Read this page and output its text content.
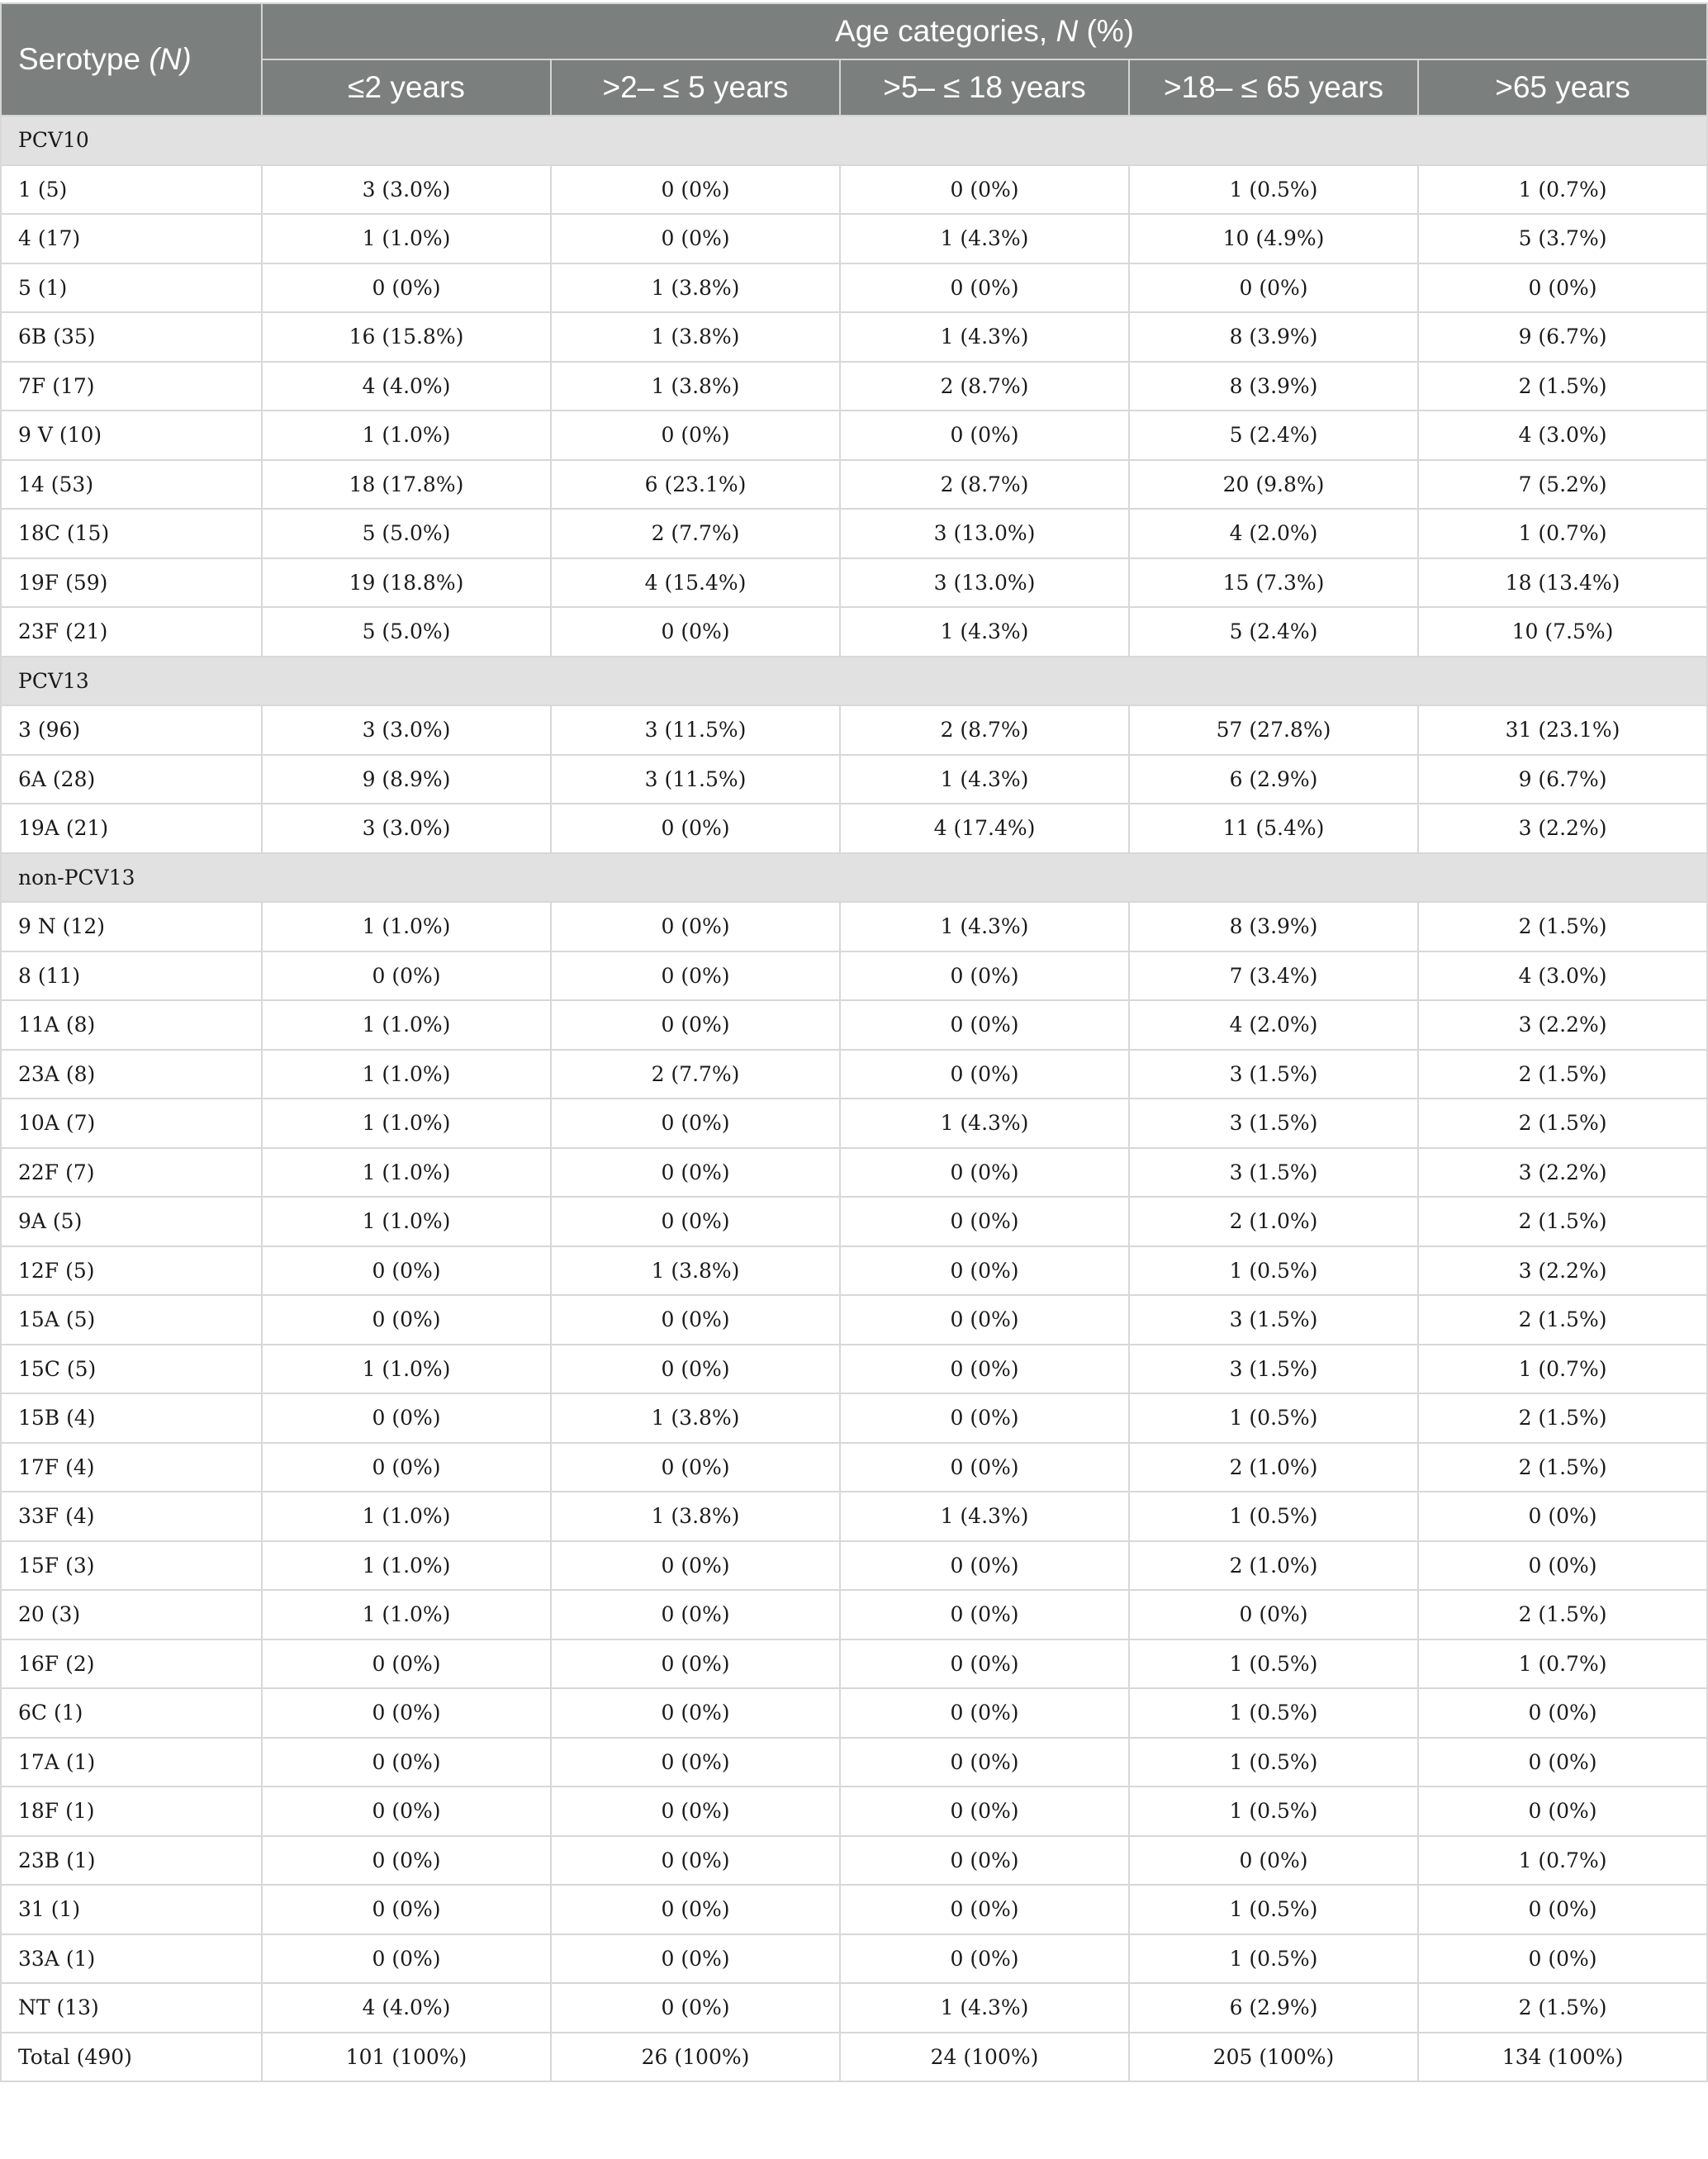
Serotype (N)	Age categories, N (%)				
	≤2 years	>2– ≤ 5 years	>5– ≤ 18 years	>18– ≤ 65 years	>65 years
PCV10					
1 (5)	3 (3.0%)	0 (0%)	0 (0%)	1 (0.5%)	1 (0.7%)
4 (17)	1 (1.0%)	0 (0%)	1 (4.3%)	10 (4.9%)	5 (3.7%)
5 (1)	0 (0%)	1 (3.8%)	0 (0%)	0 (0%)	0 (0%)
6B (35)	16 (15.8%)	1 (3.8%)	1 (4.3%)	8 (3.9%)	9 (6.7%)
7F (17)	4 (4.0%)	1 (3.8%)	2 (8.7%)	8 (3.9%)	2 (1.5%)
9 V (10)	1 (1.0%)	0 (0%)	0 (0%)	5 (2.4%)	4 (3.0%)
14 (53)	18 (17.8%)	6 (23.1%)	2 (8.7%)	20 (9.8%)	7 (5.2%)
18C (15)	5 (5.0%)	2 (7.7%)	3 (13.0%)	4 (2.0%)	1 (0.7%)
19F (59)	19 (18.8%)	4 (15.4%)	3 (13.0%)	15 (7.3%)	18 (13.4%)
23F (21)	5 (5.0%)	0 (0%)	1 (4.3%)	5 (2.4%)	10 (7.5%)
PCV13					
3 (96)	3 (3.0%)	3 (11.5%)	2 (8.7%)	57 (27.8%)	31 (23.1%)
6A (28)	9 (8.9%)	3 (11.5%)	1 (4.3%)	6 (2.9%)	9 (6.7%)
19A (21)	3 (3.0%)	0 (0%)	4 (17.4%)	11 (5.4%)	3 (2.2%)
non-PCV13					
9 N (12)	1 (1.0%)	0 (0%)	1 (4.3%)	8 (3.9%)	2 (1.5%)
8 (11)	0 (0%)	0 (0%)	0 (0%)	7 (3.4%)	4 (3.0%)
11A (8)	1 (1.0%)	0 (0%)	0 (0%)	4 (2.0%)	3 (2.2%)
23A (8)	1 (1.0%)	2 (7.7%)	0 (0%)	3 (1.5%)	2 (1.5%)
10A (7)	1 (1.0%)	0 (0%)	1 (4.3%)	3 (1.5%)	2 (1.5%)
22F (7)	1 (1.0%)	0 (0%)	0 (0%)	3 (1.5%)	3 (2.2%)
9A (5)	1 (1.0%)	0 (0%)	0 (0%)	2 (1.0%)	2 (1.5%)
12F (5)	0 (0%)	1 (3.8%)	0 (0%)	1 (0.5%)	3 (2.2%)
15A (5)	0 (0%)	0 (0%)	0 (0%)	3 (1.5%)	2 (1.5%)
15C (5)	1 (1.0%)	0 (0%)	0 (0%)	3 (1.5%)	1 (0.7%)
15B (4)	0 (0%)	1 (3.8%)	0 (0%)	1 (0.5%)	2 (1.5%)
17F (4)	0 (0%)	0 (0%)	0 (0%)	2 (1.0%)	2 (1.5%)
33F (4)	1 (1.0%)	1 (3.8%)	1 (4.3%)	1 (0.5%)	0 (0%)
15F (3)	1 (1.0%)	0 (0%)	0 (0%)	2 (1.0%)	0 (0%)
20 (3)	1 (1.0%)	0 (0%)	0 (0%)	0 (0%)	2 (1.5%)
16F (2)	0 (0%)	0 (0%)	0 (0%)	1 (0.5%)	1 (0.7%)
6C (1)	0 (0%)	0 (0%)	0 (0%)	1 (0.5%)	0 (0%)
17A (1)	0 (0%)	0 (0%)	0 (0%)	1 (0.5%)	0 (0%)
18F (1)	0 (0%)	0 (0%)	0 (0%)	1 (0.5%)	0 (0%)
23B (1)	0 (0%)	0 (0%)	0 (0%)	0 (0%)	1 (0.7%)
31 (1)	0 (0%)	0 (0%)	0 (0%)	1 (0.5%)	0 (0%)
33A (1)	0 (0%)	0 (0%)	0 (0%)	1 (0.5%)	0 (0%)
NT (13)	4 (4.0%)	0 (0%)	1 (4.3%)	6 (2.9%)	2 (1.5%)
Total (490)	101 (100%)	26 (100%)	24 (100%)	205 (100%)	134 (100%)
